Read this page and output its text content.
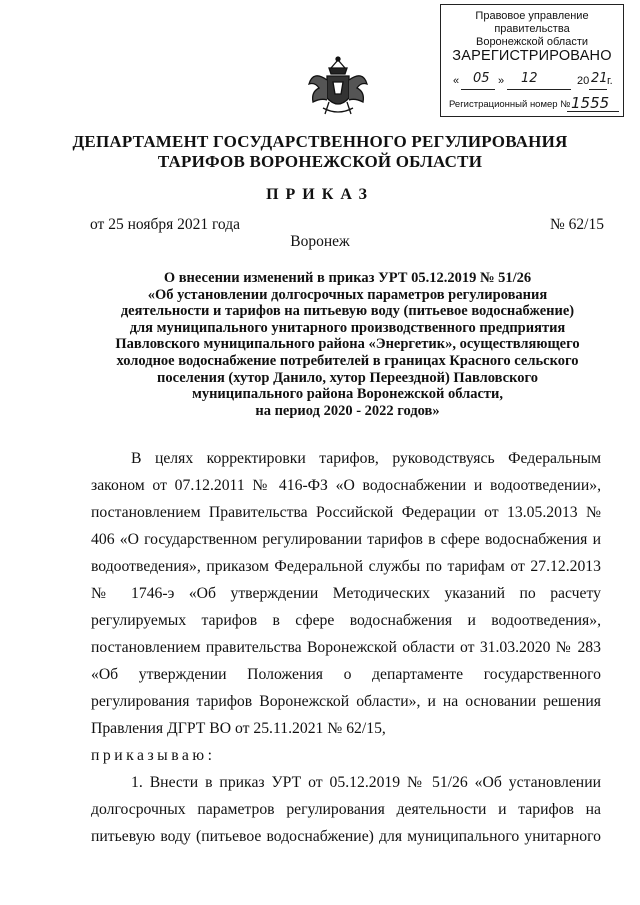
Правовое управление правительства
Воронежской области
ЗАРЕГИСТРИРОВАНО
« 05 » 12	20 21 г.
Регистрационный номер № 1555
ДЕПАРТАМЕНТ ГОСУДАРСТВЕННОГО РЕГУЛИРОВАНИЯ
ТАРИФОВ ВОРОНЕЖСКОЙ ОБЛАСТИ
ПРИКАЗ
от 25 ноября 2021 года	№ 62/15
Воронеж
О внесении изменений в приказ УРТ 05.12.2019 № 51/26
«Об установлении долгосрочных параметров регулирования
деятельности и тарифов на питьевую воду (питьевое водоснабжение)
для муниципального унитарного производственного предприятия
Павловского муниципального района «Энергетик», осуществляющего
холодное водоснабжение потребителей в границах Красного сельского
поселения (хутор Данило, хутор Переездной) Павловского
муниципального района Воронежской области,
на период 2020 - 2022 годов»

В целях корректировки тарифов, руководствуясь Федеральным законом от 07.12.2011 № 416-ФЗ «О водоснабжении и водоотведении», постановлением Правительства Российской Федерации от 13.05.2013 № 406 «О государственном регулировании тарифов в сфере водоснабжения и водоотведения», приказом Федеральной службы по тарифам от 27.12.2013 № 1746-э «Об утверждении Методических указаний по расчету регулируемых тарифов в сфере водоснабжения и водоотведения», постановлением правительства Воронежской области от 31.03.2020 № 283 «Об утверждении Положения о департаменте государственного регулирования тарифов Воронежской области», и на основании решения Правления ДГРТ ВО от 25.11.2021 № 62/15,

приказываю:

1. Внести в приказ УРТ от 05.12.2019 № 51/26 «Об установлении долгосрочных параметров регулирования деятельности и тарифов на питьевую воду (питьевое водоснабжение) для муниципального унитарного
